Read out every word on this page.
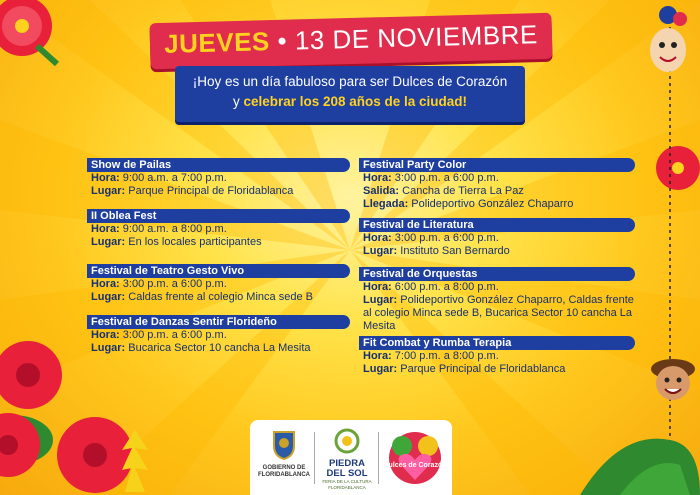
JUEVES • 13 DE NOVIEMBRE
¡Hoy es un día fabuloso para ser Dulces de Corazón
y celebrar los 208 años de la ciudad!
Show de Pailas
Hora: 9:00 a.m. a 7:00 p.m.
Lugar: Parque Principal de Floridablanca
II Oblea Fest
Hora: 9:00 a.m. a 8:00 p.m.
Lugar: En los locales participantes
Festival de Teatro Gesto Vivo
Hora: 3:00 p.m. a 6:00 p.m.
Lugar: Caldas frente al colegio Minca sede B
Festival de Danzas Sentir Florideño
Hora: 3:00 p.m. a 6:00 p.m.
Lugar: Bucarica Sector 10 cancha La Mesita
Festival Party Color
Hora: 3:00 p.m. a 6:00 p.m.
Salida: Cancha de Tierra La Paz
Llegada: Polideportivo González Chaparro
Festival de Literatura
Hora: 3:00 p.m. a 6:00 p.m.
Lugar: Instituto San Bernardo
Festival de Orquestas
Hora: 6:00 p.m. a 8:00 p.m.
Lugar: Polideportivo González Chaparro, Caldas frente al colegio Minca sede B, Bucarica Sector 10 cancha La Mesita
Fit Combat y Rumba Terapia
Hora: 7:00 p.m. a 8:00 p.m.
Lugar: Parque Principal de Floridablanca
GOBIERNO DE
FLORIDABLANCA
PIEDRA
DEL SOL
FERIA DE LA CULTURA
FLORIDABLANCA
Dulces de Corazón
